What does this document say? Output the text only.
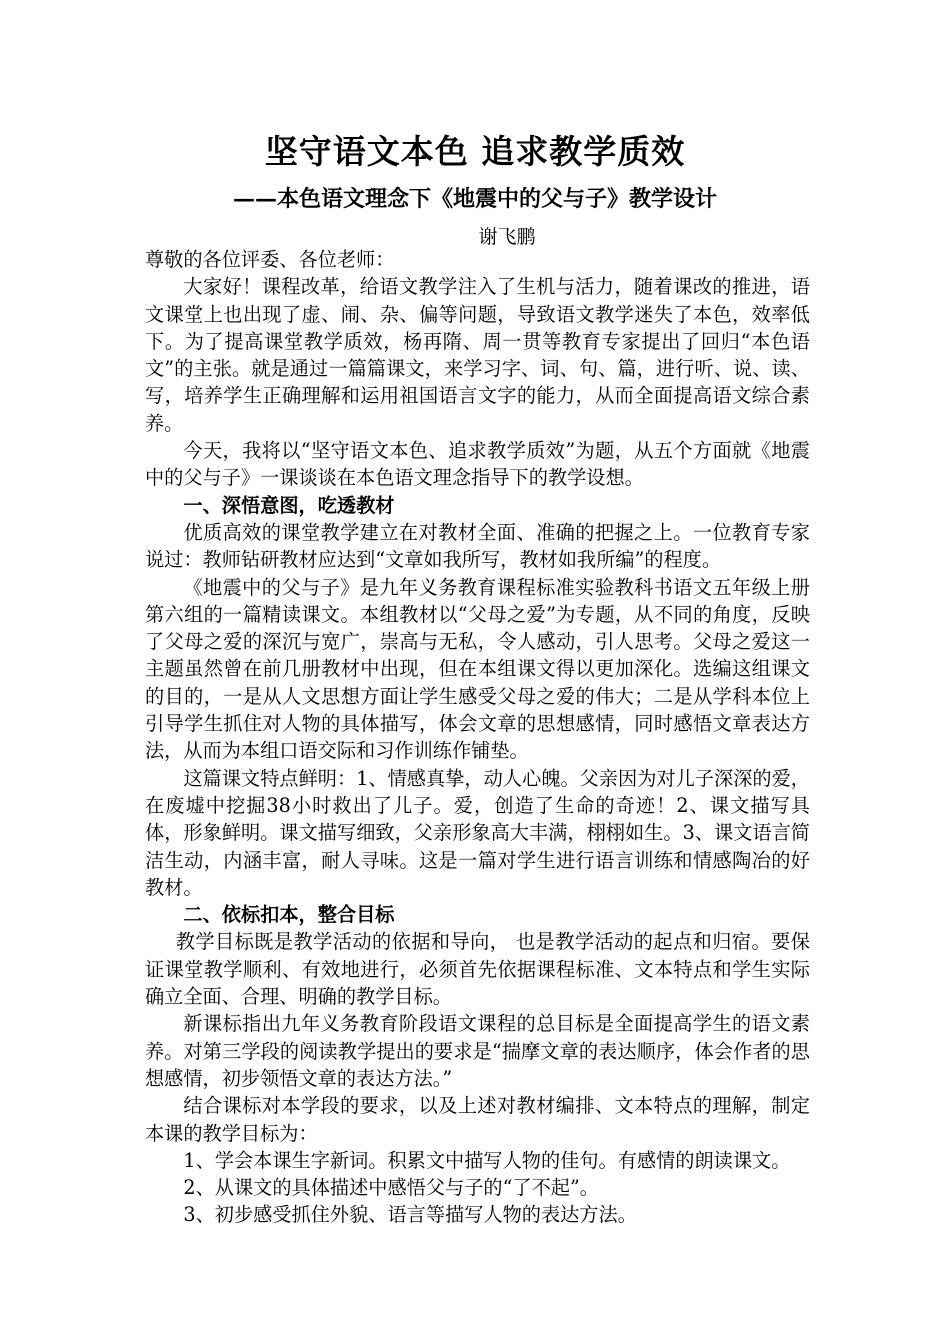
坚守语文本色 追求教学质效
——本色语文理念下《地震中的父与子》教学设计
谢飞鹏

尊敬的各位评委、各位老师：

大家好！课程改革，给语文教学注入了生机与活力，随着课改的推进，语文课堂上也出现了虚、闹、杂、偏等问题，导致语文教学迷失了本色，效率低下。为了提高课堂教学质效，杨再隋、周一贯等教育专家提出了回归“本色语文”的主张。就是通过一篇篇课文，来学习字、词、句、篇，进行听、说、读、写，培养学生正确理解和运用祖国语言文字的能力，从而全面提高语文综合素养。

今天，我将以“坚守语文本色、追求教学质效”为题，从五个方面就《地震中的父与子》一课谈谈在本色语文理念指导下的教学设想。

一、深悟意图，吃透教材

优质高效的课堂教学建立在对教材全面、准确的把握之上。一位教育专家说过：教师钻研教材应达到“文章如我所写，教材如我所编”的程度。

《地震中的父与子》是九年义务教育课程标准实验教科书语文五年级上册第六组的一篇精读课文。本组教材以“父母之爱”为专题，从不同的角度，反映了父母之爱的深沉与宽广，崇高与无私，令人感动，引人思考。父母之爱这一主题虽然曾在前几册教材中出现，但在本组课文得以更加深化。选编这组课文的目的，一是从人文思想方面让学生感受父母之爱的伟大；二是从学科本位上引导学生抓住对人物的具体描写，体会文章的思想感情，同时感悟文章表达方法，从而为本组口语交际和习作训练作铺垫。

这篇课文特点鲜明：1、情感真挚，动人心魄。父亲因为对儿子深深的爱，在废墟中挖掘38小时救出了儿子。爱，创造了生命的奇迹！2、课文描写具体，形象鲜明。课文描写细致，父亲形象高大丰满，栩栩如生。3、课文语言简洁生动，内涵丰富，耐人寻味。这是一篇对学生进行语言训练和情感陶冶的好教材。

二、依标扣本，整合目标

教学目标既是教学活动的依据和导向， 也是教学活动的起点和归宿。要保证课堂教学顺利、有效地进行，必须首先依据课程标准、文本特点和学生实际确立全面、合理、明确的教学目标。

新课标指出九年义务教育阶段语文课程的总目标是全面提高学生的语文素养。对第三学段的阅读教学提出的要求是“揣摩文章的表达顺序，体会作者的思想感情，初步领悟文章的表达方法。”

结合课标对本学段的要求，以及上述对教材编排、文本特点的理解，制定本课的教学目标为：

1、学会本课生字新词。积累文中描写人物的佳句。有感情的朗读课文。

2、从课文的具体描述中感悟父与子的“了不起”。

3、初步感受抓住外貌、语言等描写人物的表达方法。
